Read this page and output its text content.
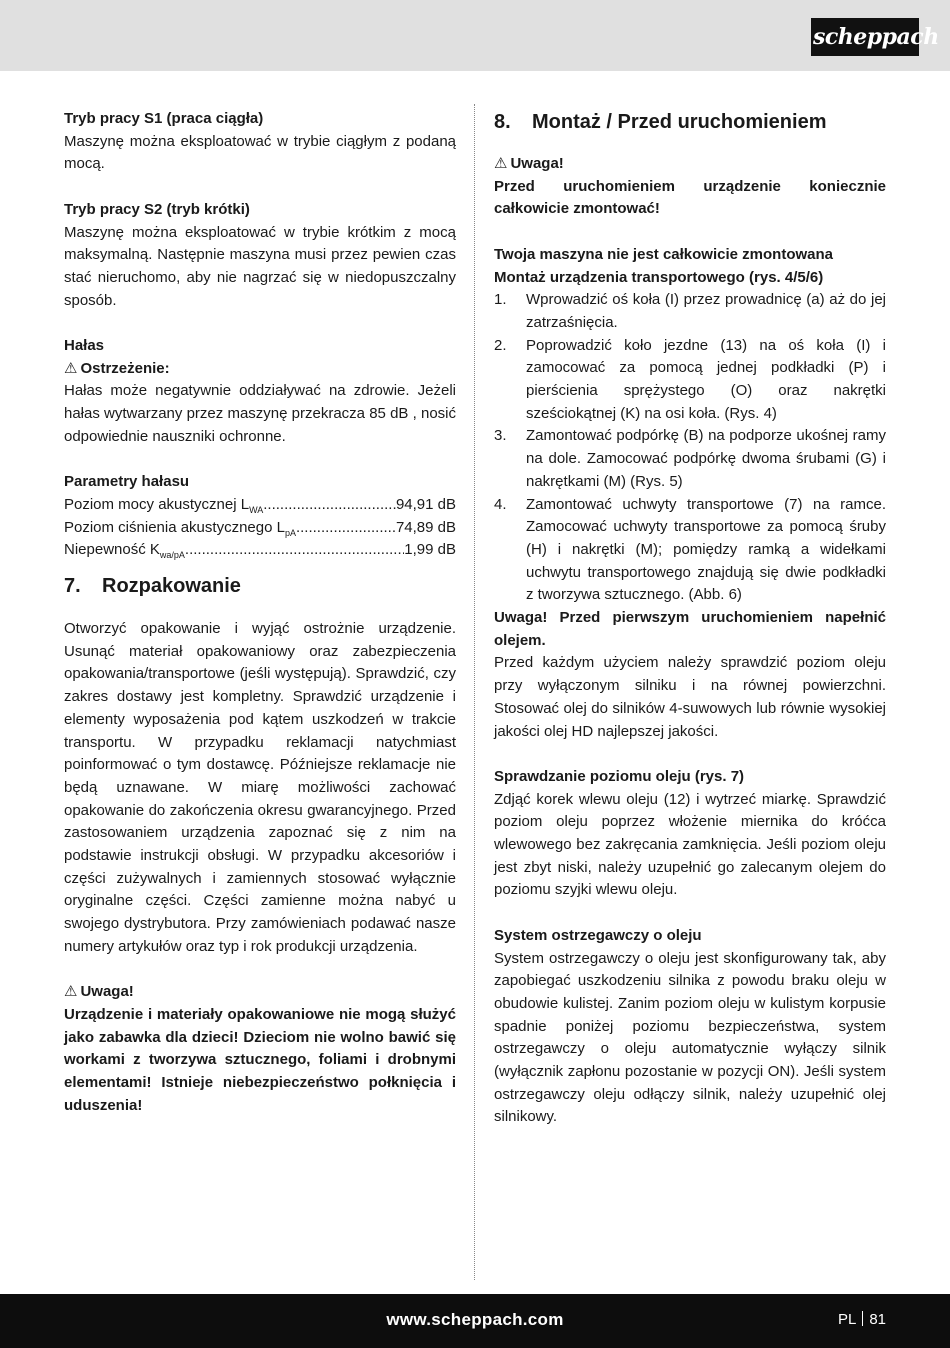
scheppach

Tryb pracy S1 (praca ciągła)

Maszynę można eksploatować w trybie ciągłym z podaną mocą.

Tryb pracy S2 (tryb krótki)

Maszynę można eksploatować w trybie krótkim z mocą maksymalną. Następnie maszyna musi przez pewien czas stać nieruchomo, aby nie nagrzać się w niedopuszczalny sposób.

Hałas

⚠ Ostrzeżenie:

Hałas może negatywnie oddziaływać na zdrowie. Jeżeli hałas wytwarzany przez maszynę przekracza 85 dB , nosić odpowiednie nauszniki ochronne.

Parametry hałasu

Poziom mocy akustycznej $L_{WA}$ .....	94,91 dB
Poziom ciśnienia akustycznego $L_{pA}$ .....	74,89 dB
Niepewność $K_{wa/pA}$ .....	1,99 dB

7. Rozpakowanie

Otworzyć opakowanie i wyjąć ostrożnie urządzenie. Usunąć materiał opakowaniowy oraz zabezpieczenia opakowania/transportowe (jeśli występują). Sprawdzić, czy zakres dostawy jest kompletny. Sprawdzić urządzenie i elementy wyposażenia pod kątem uszkodzeń w trakcie transportu. W przypadku reklamacji natychmiast poinformować o tym dostawcę. Późniejsze reklamacje nie będą uznawane. W miarę możliwości zachować opakowanie do zakończenia okresu gwarancyjnego. Przed zastosowaniem urządzenia zapoznać się z nim na podstawie instrukcji obsługi. W przypadku akcesoriów i części zużywalnych i zamiennych stosować wyłącznie oryginalne części. Części zamienne można nabyć u swojego dystrybutora. Przy zamówieniach podawać nasze numery artykułów oraz typ i rok produkcji urządzenia.

⚠ Uwaga!

Urządzenie i materiały opakowaniowe nie mogą służyć jako zabawka dla dzieci! Dzieciom nie wolno bawić się workami z tworzywa sztucznego, foliami i drobnymi elementami! Istnieje niebezpieczeństwo połknięcia i uduszenia!

8. Montaż / Przed uruchomieniem

⚠ Uwaga!

Przed uruchomieniem urządzenie koniecznie całkowicie zmontować!

Twoja maszyna nie jest całkowicie zmontowana

Montaż urządzenia transportowego (rys. 4/5/6)

1. Wprowadzić oś koła (I) przez prowadnicę (a) aż do jej zatrzaśnięcia.
2. Poprowadzić koło jezdne (13) na oś koła (I) i zamocować za pomocą jednej podkładki (P) i pierścienia sprężystego (O) oraz nakrętki sześciokątnej (K) na osi koła. (Rys. 4)
3. Zamontować podpórkę (B) na podporze ukośnej ramy na dole. Zamocować podpórkę dwoma śrubami (G) i nakrętkami (M) (Rys. 5)
4. Zamontować uchwyty transportowe (7) na ramce. Zamocować uchwyty transportowe za pomocą śruby (H) i nakrętki (M); pomiędzy ramką a widełkami uchwytu transportowego znajdują się dwie podkładki z tworzywa sztucznego. (Abb. 6)

Uwaga! Przed pierwszym uruchomieniem napełnić olejem.

Przed każdym użyciem należy sprawdzić poziom oleju przy wyłączonym silniku i na równej powierzchni. Stosować olej do silników 4-suwowych lub równie wysokiej jakości olej HD najlepszej jakości.

Sprawdzanie poziomu oleju (rys. 7)

Zdjąć korek wlewu oleju (12) i wytrzeć miarkę. Sprawdzić poziom oleju poprzez włożenie miernika do króćca wlewowego bez zakręcania zamknięcia. Jeśli poziom oleju jest zbyt niski, należy uzupełnić go zalecanym olejem do poziomu szyjki wlewu oleju.

System ostrzegawczy o oleju

System ostrzegawczy o oleju jest skonfigurowany tak, aby zapobiegać uszkodzeniu silnika z powodu braku oleju w obudowie kulistej. Zanim poziom oleju w kulistym korpusie spadnie poniżej poziomu bezpieczeństwa, system ostrzegawczy o oleju automatycznie wyłączy silnik (wyłącznik zapłonu pozostanie w pozycji ON). Jeśli system ostrzegawczy oleju odłączy silnik, należy uzupełnić olej silnikowy.

www.scheppach.com	PL 81
